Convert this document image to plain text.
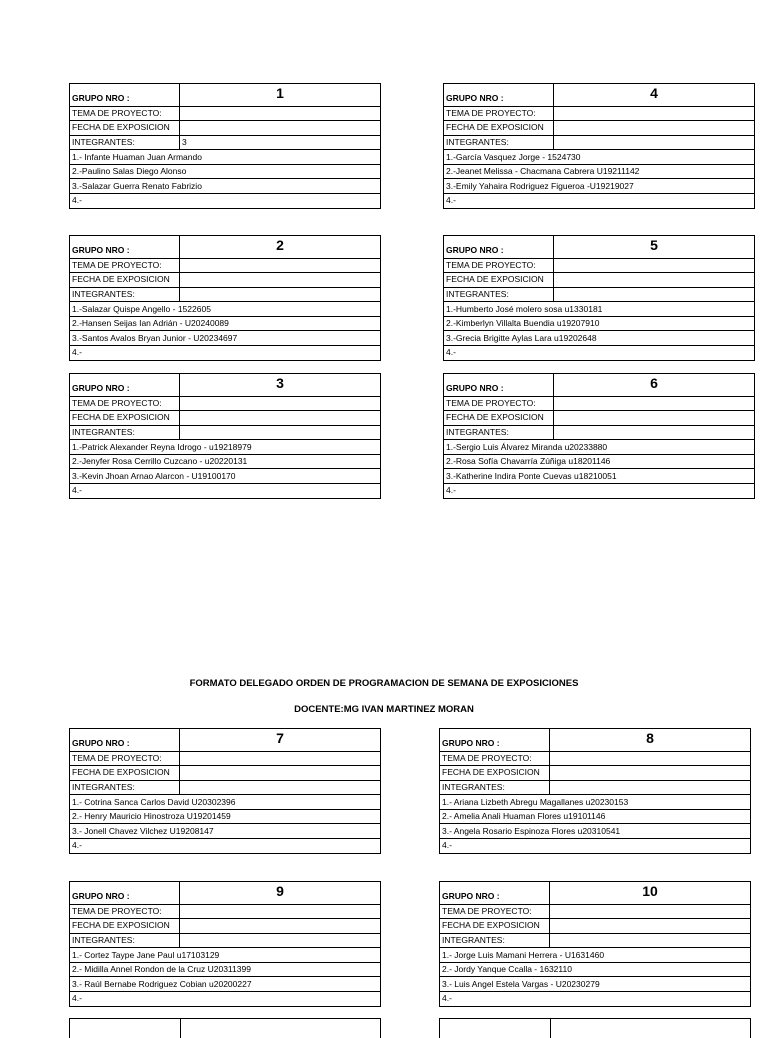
GRUPO NRO :	1
TEMA DE PROYECTO:	
FECHA DE EXPOSICION	
INTEGRANTES:	3
1.- Infante Huaman Juan Armando	
2.-Paulino Salas Diego Alonso	
3.-Salazar Guerra Renato Fabrizio	
4.-	
GRUPO NRO :	2
TEMA DE PROYECTO:	
FECHA DE EXPOSICION	
INTEGRANTES:	
1.-Salazar Quispe Angello - 1522605	
2.-Hansen Seijas Ian Adrián - U20240089	
3.-Santos Avalos Bryan Junior - U20234697	
4.-	
GRUPO NRO :	3
TEMA DE PROYECTO:	
FECHA DE EXPOSICION	
INTEGRANTES:	
1.-Patrick Alexander Reyna Idrogo - u19218979	
2.-Jenyfer Rosa Cerrillo Cuzcano - u20220131	
3.-Kevin Jhoan Arnao Alarcon - U19100170	
4.-	
GRUPO NRO :	4
TEMA DE PROYECTO:	
FECHA DE EXPOSICION	
INTEGRANTES:	
1.-García Vasquez Jorge - 1524730	
2.-Jeanet Melissa - Chacmana Cabrera U19211142	
3.-Emily Yahaira Rodriguez Figueroa -U19219027	
4.-	
GRUPO NRO :	5
TEMA DE PROYECTO:	
FECHA DE EXPOSICION	
INTEGRANTES:	
1.-Humberto José molero sosa u1330181	
2.-Kimberlyn Villalta Buendia u19207910	
3.-Grecia Brigitte Aylas Lara u19202648	
4.-	
GRUPO NRO :	6
TEMA DE PROYECTO:	
FECHA DE EXPOSICION	
INTEGRANTES:	
1.-Sergio Luis Álvarez Miranda u20233880	
2.-Rosa Sofía Chavarría Zúñiga u18201146	
3.-Katherine Indira Ponte Cuevas u18210051	
4.-	
GRUPO NRO :	7
TEMA DE PROYECTO:	
FECHA DE EXPOSICION	
INTEGRANTES:	
1.- Cotrina Sanca Carlos David U20302396	
2.- Henry Mauricio Hinostroza U19201459	
3.- Jonell Chavez Vilchez U19208147	
4.-	
GRUPO NRO :	8
TEMA DE PROYECTO:	
FECHA DE EXPOSICION	
INTEGRANTES:	
1.- Ariana Lizbeth Abregu Magallanes u20230153	
2.- Amelia Anali Huaman Flores u19101146	
3.- Angela Rosario Espinoza Flores u20310541	
4.-	
GRUPO NRO :	9
TEMA DE PROYECTO:	
FECHA DE EXPOSICION	
INTEGRANTES:	
1.- Cortez Taype Jane Paul u17103129	
2.- Midilla Annel Rondon de la Cruz U20311399	
3.- Raúl Bernabe Rodriguez Cobian u20200227	
4.-	
GRUPO NRO :	10
TEMA DE PROYECTO:	
FECHA DE EXPOSICION	
INTEGRANTES:	
1.- Jorge Luis Mamani Herrera - U1631460	
2.- Jordy Yanque Ccalla - 1632110	
3.- Luis Angel Estela Vargas - U20230279	
4.-	
FORMATO DELEGADO ORDEN DE PROGRAMACION DE SEMANA DE EXPOSICIONES
DOCENTE:MG IVAN MARTINEZ MORAN
